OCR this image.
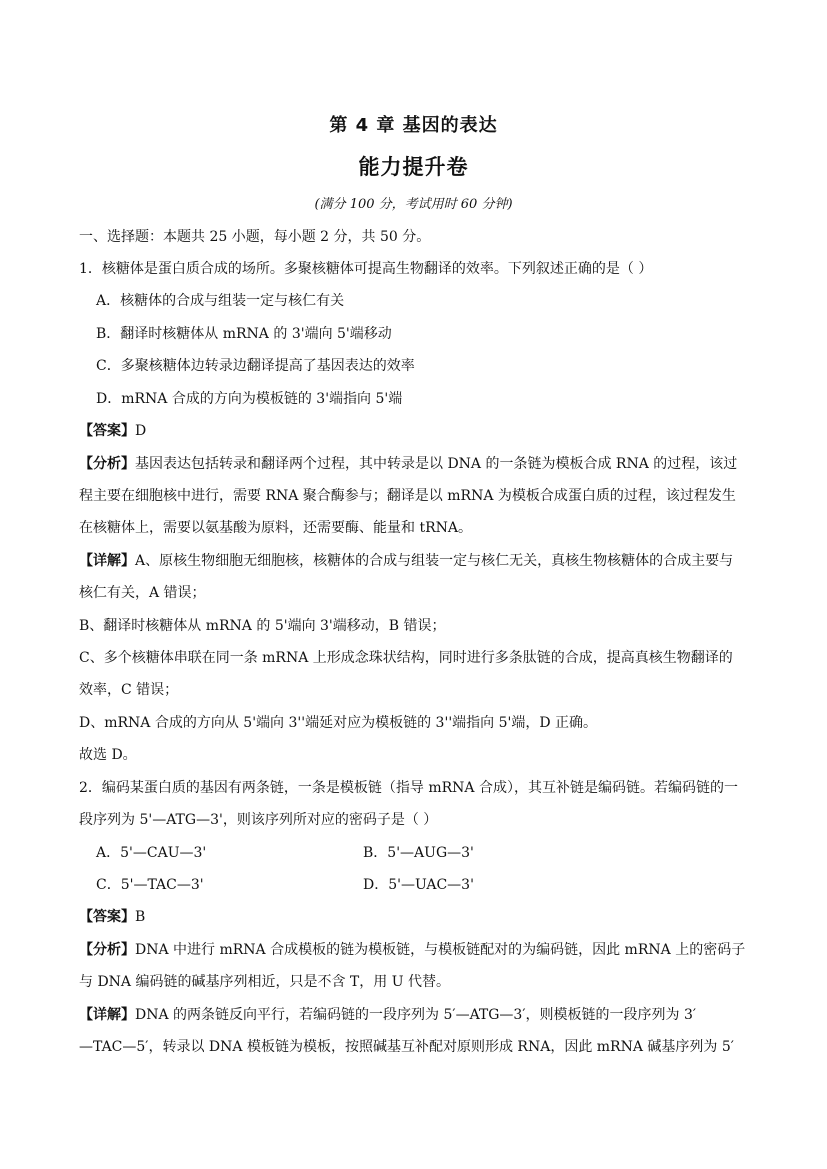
第 4 章 基因的表达
能力提升卷
(满分 100 分，考试用时 60 分钟)
一、选择题：本题共 25 小题，每小题 2 分，共 50 分。
1．核糖体是蛋白质合成的场所。多聚核糖体可提高生物翻译的效率。下列叙述正确的是（ ）
A．核糖体的合成与组装一定与核仁有关
B．翻译时核糖体从 mRNA 的 3'端向 5'端移动
C．多聚核糖体边转录边翻译提高了基因表达的效率
D．mRNA 合成的方向为模板链的 3'端指向 5'端
【答案】D
【分析】基因表达包括转录和翻译两个过程，其中转录是以 DNA 的一条链为模板合成 RNA 的过程，该过
程主要在细胞核中进行，需要 RNA 聚合酶参与；翻译是以 mRNA 为模板合成蛋白质的过程，该过程发生
在核糖体上，需要以氨基酸为原料，还需要酶、能量和 tRNA。
【详解】A、原核生物细胞无细胞核，核糖体的合成与组装一定与核仁无关，真核生物核糖体的合成主要与
核仁有关，A 错误；
B、翻译时核糖体从 mRNA 的 5'端向 3'端移动，B 错误；
C、多个核糖体串联在同一条 mRNA 上形成念珠状结构，同时进行多条肽链的合成，提高真核生物翻译的
效率，C 错误；
D、mRNA 合成的方向从 5'端向 3''端延对应为模板链的 3''端指向 5'端，D 正确。
故选 D。
2．编码某蛋白质的基因有两条链，一条是模板链（指导 mRNA 合成），其互补链是编码链。若编码链的一
段序列为 5'—ATG—3'，则该序列所对应的密码子是（ ）
A．5'—CAU—3'	B．5'—AUG—3'
C．5'—TAC—3'	D．5'—UAC—3'
【答案】B
【分析】DNA 中进行 mRNA 合成模板的链为模板链，与模板链配对的为编码链，因此 mRNA 上的密码子
与 DNA 编码链的碱基序列相近，只是不含 T，用 U 代替。
【详解】DNA 的两条链反向平行，若编码链的一段序列为 5′—ATG—3′，则模板链的一段序列为 3′
—TAC—5′，转录以 DNA 模板链为模板，按照碱基互补配对原则形成 RNA，因此 mRNA 碱基序列为 5′
